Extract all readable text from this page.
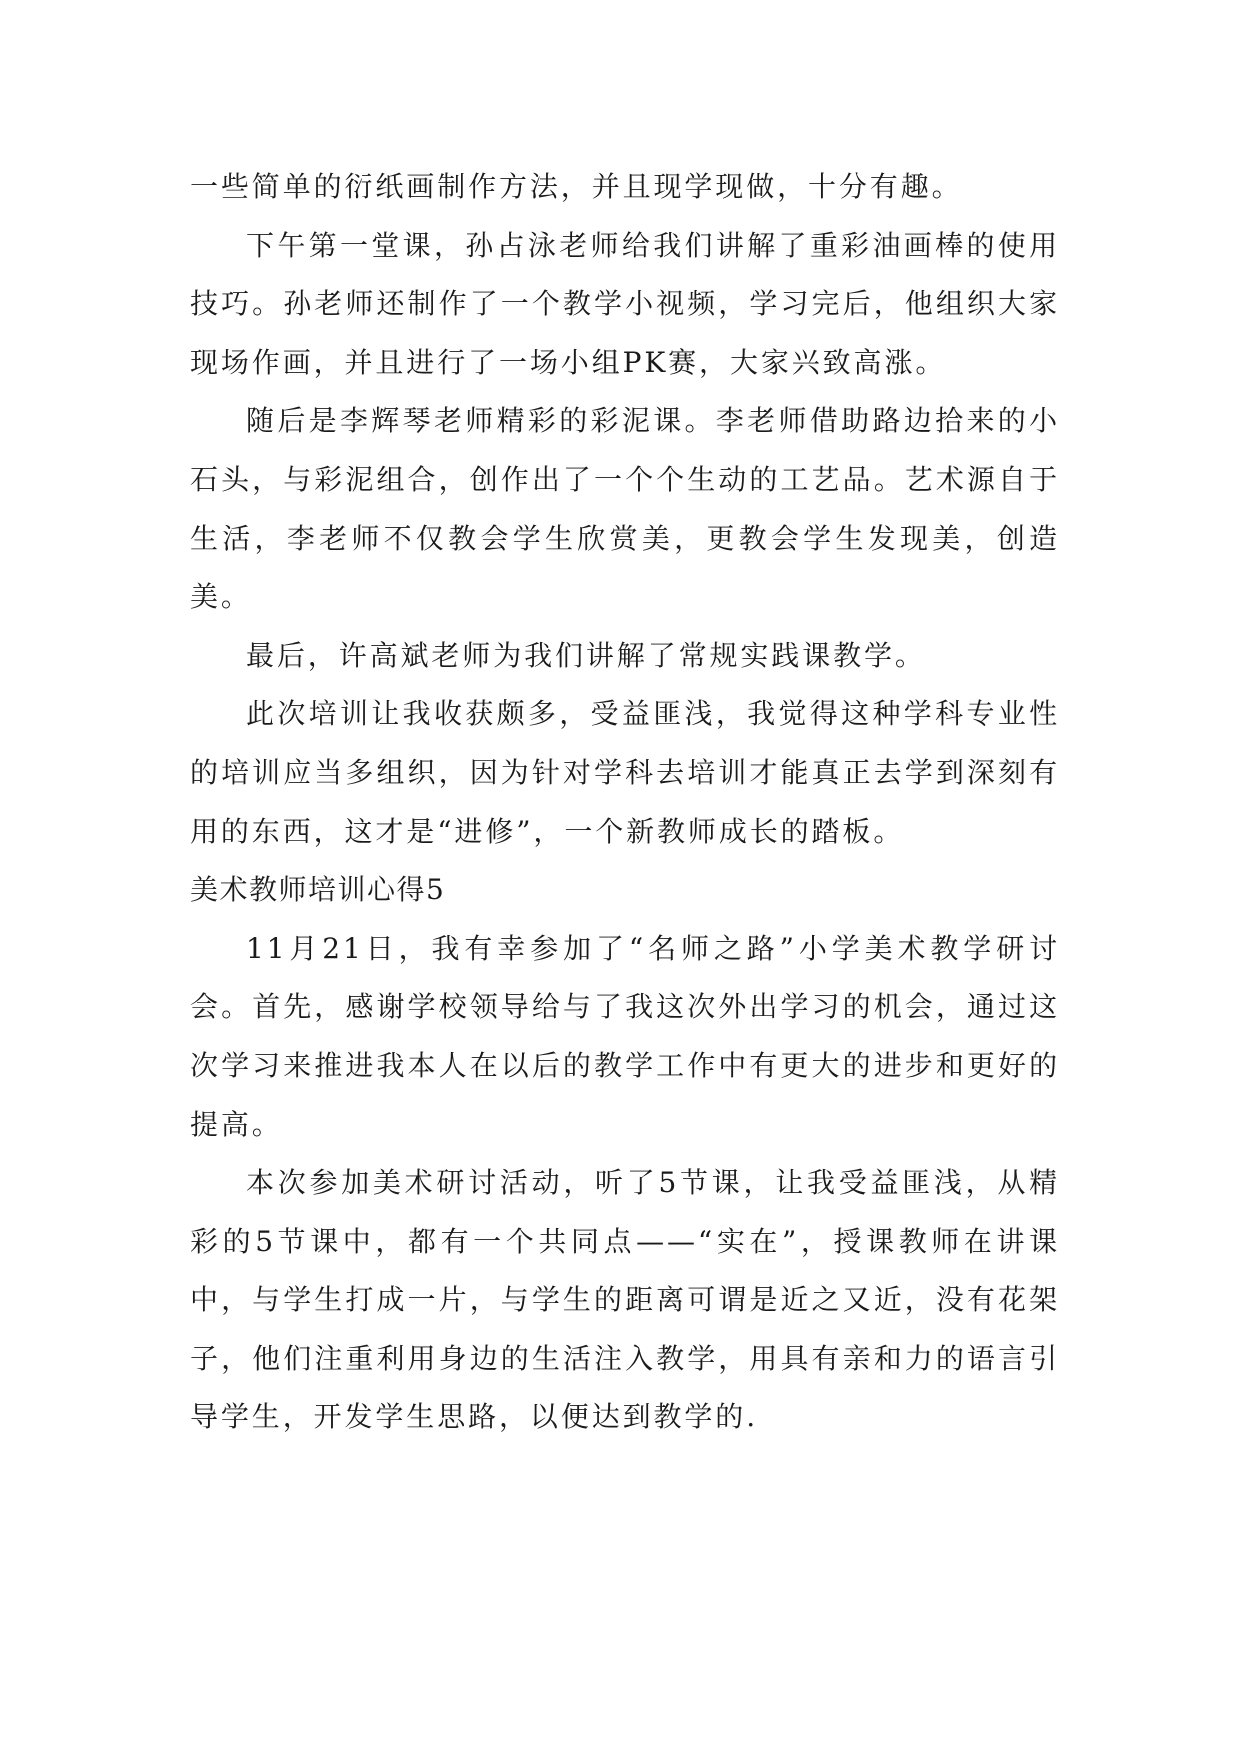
一些简单的衍纸画制作方法，并且现学现做，十分有趣。

下午第一堂课，孙占泳老师给我们讲解了重彩油画棒的使用技巧。孙老师还制作了一个教学小视频，学习完后，他组织大家现场作画，并且进行了一场小组PK赛，大家兴致高涨。

随后是李辉琴老师精彩的彩泥课。李老师借助路边拾来的小石头，与彩泥组合，创作出了一个个生动的工艺品。艺术源自于生活，李老师不仅教会学生欣赏美，更教会学生发现美，创造美。

最后，许高斌老师为我们讲解了常规实践课教学。

此次培训让我收获颇多，受益匪浅，我觉得这种学科专业性的培训应当多组织，因为针对学科去培训才能真正去学到深刻有用的东西，这才是“进修”，一个新教师成长的踏板。

美术教师培训心得5

11月21日，我有幸参加了“名师之路”小学美术教学研讨会。首先，感谢学校领导给与了我这次外出学习的机会，通过这次学习来推进我本人在以后的教学工作中有更大的进步和更好的提高。

本次参加美术研讨活动，听了5节课，让我受益匪浅，从精彩的5节课中，都有一个共同点——“实在”，授课教师在讲课中，与学生打成一片，与学生的距离可谓是近之又近，没有花架子，他们注重利用身边的生活注入教学，用具有亲和力的语言引导学生，开发学生思路，以便达到教学的.
